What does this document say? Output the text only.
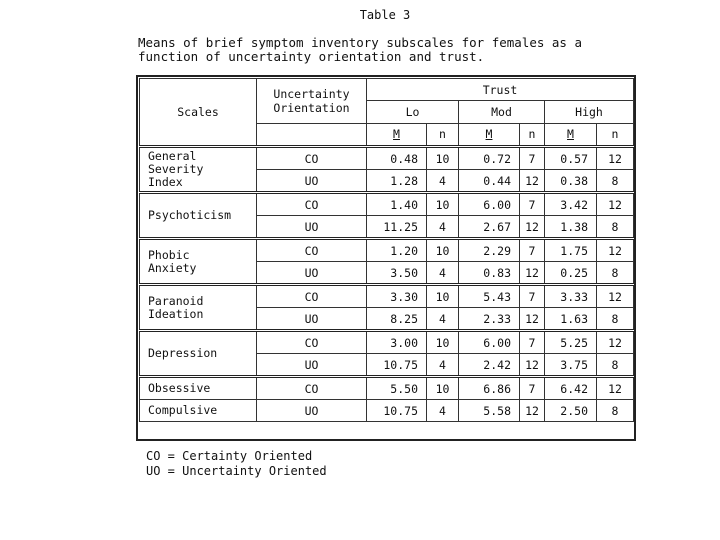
Table 3
Means of brief symptom inventory subscales for females as a
function of uncertainty orientation and trust.
Scales	Uncertainty
Orientation	Trust					
		Lo		Mod		High	
		M	n	M	n	M	n
General
Severity
Index	CO	0.48	10	0.72	7	0.57	12
	UO	1.28	4	0.44	12	0.38	8
Psychoticism	CO	1.40	10	6.00	7	3.42	12
	UO	11.25	4	2.67	12	1.38	8
Phobic
Anxiety	CO	1.20	10	2.29	7	1.75	12
	UO	3.50	4	0.83	12	0.25	8
Paranoid
Ideation	CO	3.30	10	5.43	7	3.33	12
	UO	8.25	4	2.33	12	1.63	8
Depression	CO	3.00	10	6.00	7	5.25	12
	UO	10.75	4	2.42	12	3.75	8
Obsessive	CO	5.50	10	6.86	7	6.42	12
Compulsive	UO	10.75	4	5.58	12	2.50	8
CO = Certainty Oriented
UO = Uncertainty Oriented
